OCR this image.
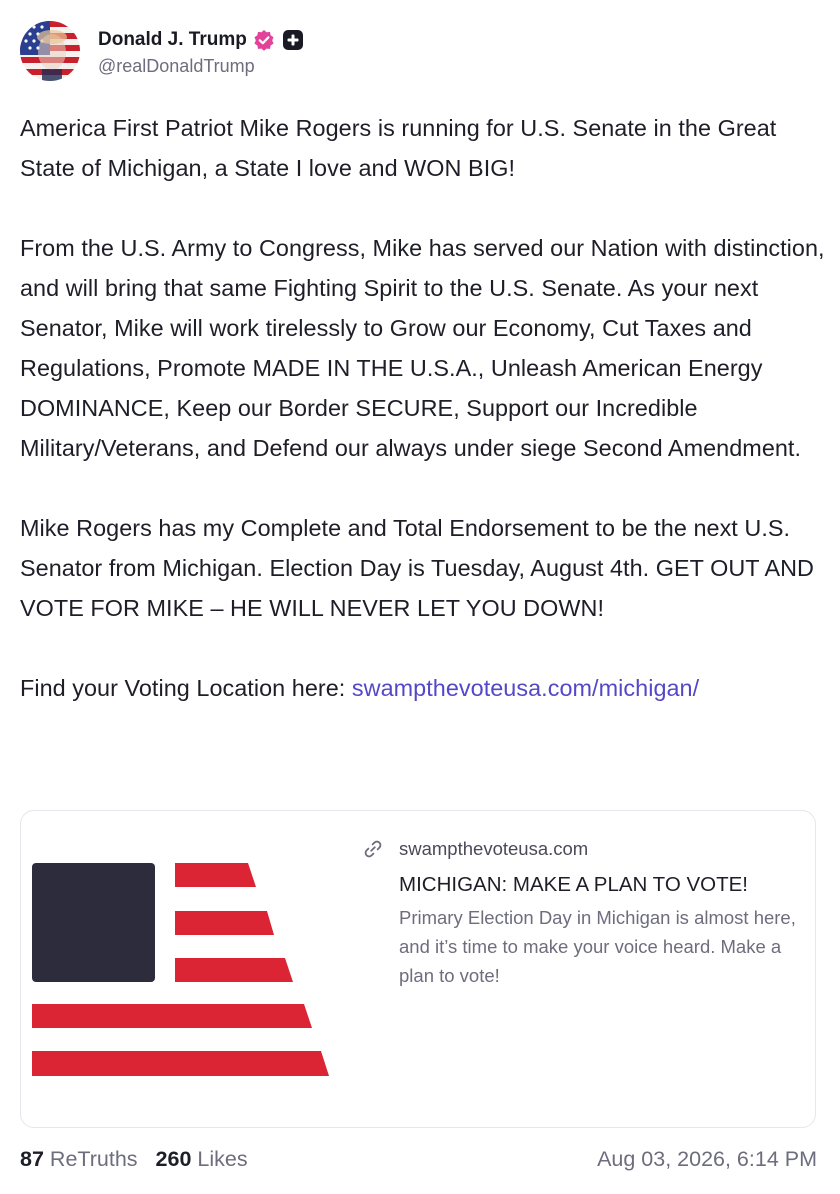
Donald J. Trump
@realDonaldTrump

America First Patriot Mike Rogers is running for U.S. Senate in the Great State of Michigan, a State I love and WON BIG!

From the U.S. Army to Congress, Mike has served our Nation with distinction, and will bring that same Fighting Spirit to the U.S. Senate. As your next Senator, Mike will work tirelessly to Grow our Economy, Cut Taxes and Regulations, Promote MADE IN THE U.S.A., Unleash American Energy DOMINANCE, Keep our Border SECURE, Support our Incredible Military/Veterans, and Defend our always under siege Second Amendment.

Mike Rogers has my Complete and Total Endorsement to be the next U.S. Senator from Michigan. Election Day is Tuesday, August 4th. GET OUT AND VOTE FOR MIKE – HE WILL NEVER LET YOU DOWN!

Find your Voting Location here: swampthevoteusa.com/michigan/

swampthevoteusa.com
MICHIGAN: MAKE A PLAN TO VOTE!
Primary Election Day in Michigan is almost here, and it’s time to make your voice heard. Make a plan to vote!
87 ReTruths 260 Likes	Aug 03, 2026, 6:14 PM
